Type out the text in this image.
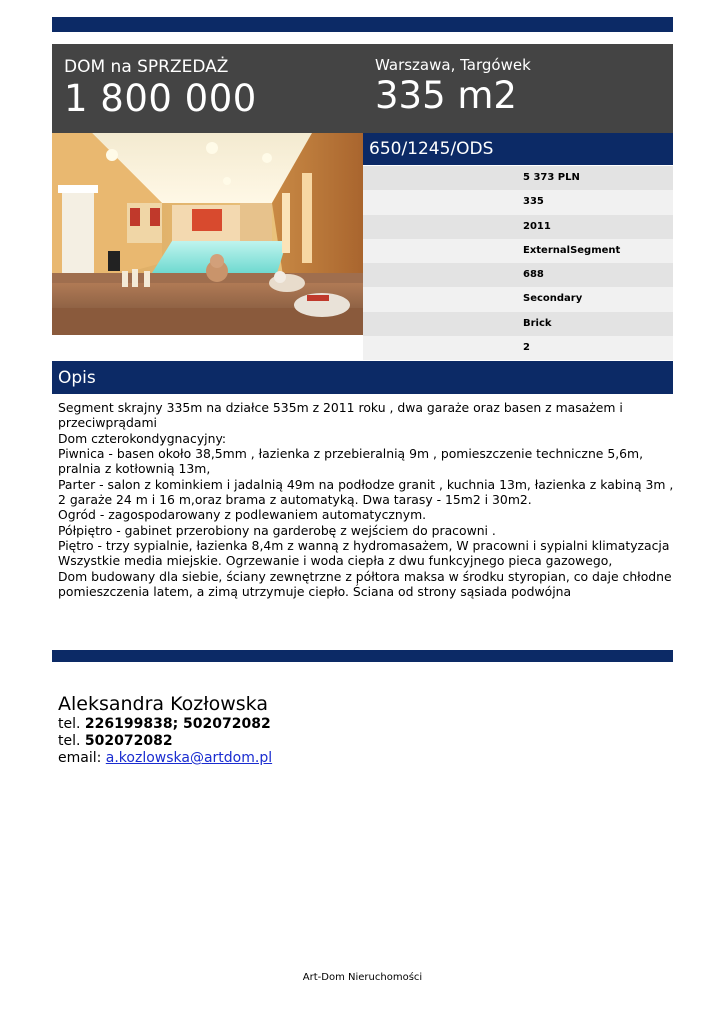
DOM na SPRZEDAŻ
1 800 000
Warszawa, Targówek
335 m2
650/1245/ODS
5 373 PLN
335
2011
ExternalSegment
688
Secondary
Brick
2
Opis
Segment skrajny 335m na działce 535m z 2011 roku , dwa garaże oraz basen z masażem i
przeciwprądami
Dom czterokondygnacyjny:
Piwnica - basen około 38,5mm , łazienka z przebieralnią 9m , pomieszczenie techniczne 5,6m,
pralnia z kotłownią 13m,
Parter - salon z kominkiem i jadalnią 49m na podłodze granit , kuchnia 13m, łazienka z kabiną 3m ,
2 garaże 24 m i 16 m,oraz brama z automatyką. Dwa tarasy - 15m2 i 30m2.
Ogród - zagospodarowany z podlewaniem automatycznym.
Półpiętro - gabinet przerobiony na garderobę z wejściem do pracowni .
Piętro - trzy sypialnie, łazienka 8,4m z wanną z hydromasażem, W pracowni i sypialni klimatyzacja
Wszystkie media miejskie. Ogrzewanie i woda ciepła z dwu funkcyjnego pieca gazowego,
Dom budowany dla siebie, ściany zewnętrzne z półtora maksa w środku styropian, co daje chłodne
pomieszczenia latem, a zimą utrzymuje ciepło. Ściana od strony sąsiada podwójna
Aleksandra Kozłowska
tel. 226199838; 502072082
tel. 502072082
email: a.kozlowska@artdom.pl
Art-Dom Nieruchomości
